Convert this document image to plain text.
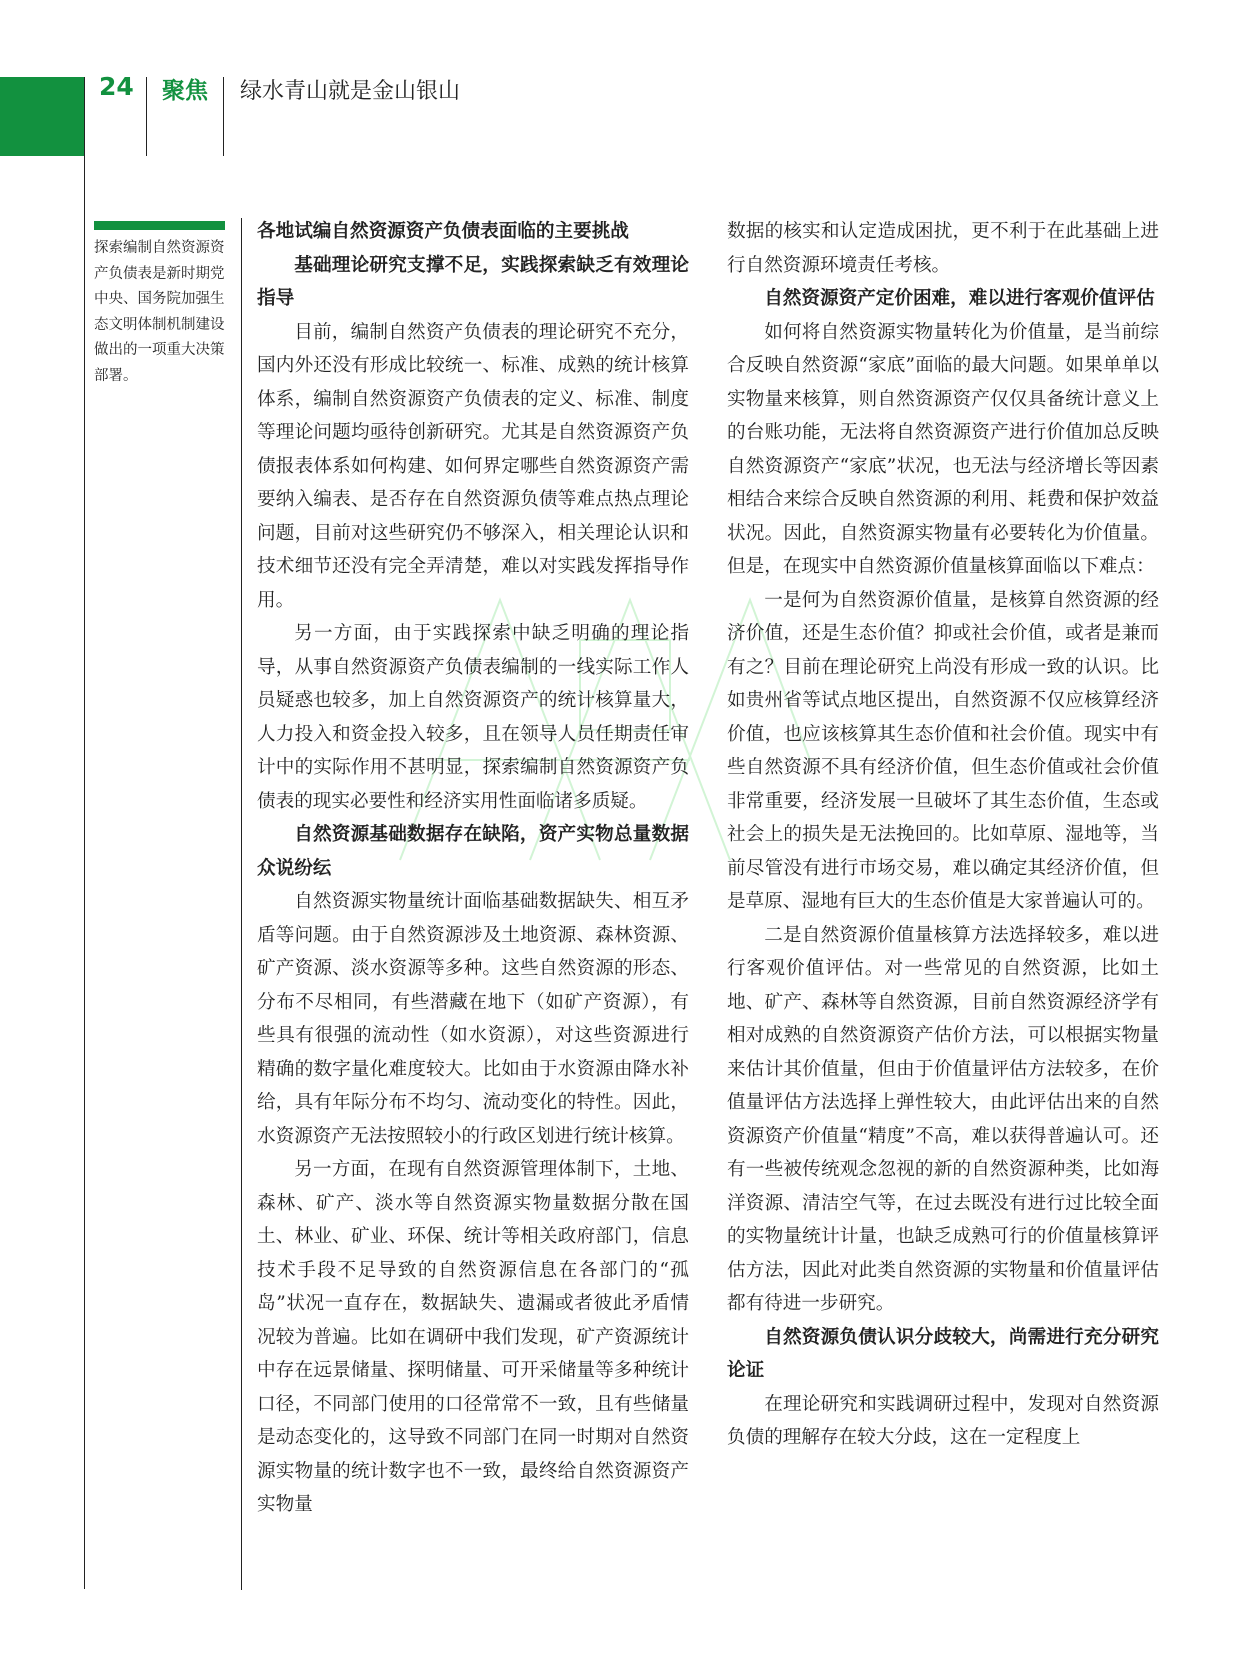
24 聚焦 绿水青山就是金山银山
探索编制自然资源资产负债表是新时期党中央、国务院加强生态文明体制机制建设做出的一项重大决策部署。

各地试编自然资源资产负债表面临的主要挑战

基础理论研究支撑不足，实践探索缺乏有效理论指导

目前，编制自然资产负债表的理论研究不充分，国内外还没有形成比较统一、标准、成熟的统计核算体系，编制自然资源资产负债表的定义、标准、制度等理论问题均亟待创新研究。尤其是自然资源资产负债报表体系如何构建、如何界定哪些自然资源资产需要纳入编表、是否存在自然资源负债等难点热点理论问题，目前对这些研究仍不够深入，相关理论认识和技术细节还没有完全弄清楚，难以对实践发挥指导作用。

另一方面，由于实践探索中缺乏明确的理论指导，从事自然资源资产负债表编制的一线实际工作人员疑惑也较多，加上自然资源资产的统计核算量大，人力投入和资金投入较多，且在领导人员任期责任审计中的实际作用不甚明显，探索编制自然资源资产负债表的现实必要性和经济实用性面临诸多质疑。

自然资源基础数据存在缺陷，资产实物总量数据众说纷纭

自然资源实物量统计面临基础数据缺失、相互矛盾等问题。由于自然资源涉及土地资源、森林资源、矿产资源、淡水资源等多种。这些自然资源的形态、分布不尽相同，有些潜藏在地下（如矿产资源），有些具有很强的流动性（如水资源），对这些资源进行精确的数字量化难度较大。比如由于水资源由降水补给，具有年际分布不均匀、流动变化的特性。因此，水资源资产无法按照较小的行政区划进行统计核算。

另一方面，在现有自然资源管理体制下，土地、森林、矿产、淡水等自然资源实物量数据分散在国土、林业、矿业、环保、统计等相关政府部门，信息技术手段不足导致的自然资源信息在各部门的“孤岛”状况一直存在，数据缺失、遗漏或者彼此矛盾情况较为普遍。比如在调研中我们发现，矿产资源统计中存在远景储量、探明储量、可开采储量等多种统计口径，不同部门使用的口径常常不一致，且有些储量是动态变化的，这导致不同部门在同一时期对自然资源实物量的统计数字也不一致，最终给自然资源资产实物量

数据的核实和认定造成困扰，更不利于在此基础上进行自然资源环境责任考核。

自然资源资产定价困难，难以进行客观价值评估

如何将自然资源实物量转化为价值量，是当前综合反映自然资源“家底”面临的最大问题。如果单单以实物量来核算，则自然资源资产仅仅具备统计意义上的台账功能，无法将自然资源资产进行价值加总反映自然资源资产“家底”状况，也无法与经济增长等因素相结合来综合反映自然资源的利用、耗费和保护效益状况。因此，自然资源实物量有必要转化为价值量。但是，在现实中自然资源价值量核算面临以下难点：

一是何为自然资源价值量，是核算自然资源的经济价值，还是生态价值？抑或社会价值，或者是兼而有之？目前在理论研究上尚没有形成一致的认识。比如贵州省等试点地区提出，自然资源不仅应核算经济价值，也应该核算其生态价值和社会价值。现实中有些自然资源不具有经济价值，但生态价值或社会价值非常重要，经济发展一旦破坏了其生态价值，生态或社会上的损失是无法挽回的。比如草原、湿地等，当前尽管没有进行市场交易，难以确定其经济价值，但是草原、湿地有巨大的生态价值是大家普遍认可的。

二是自然资源价值量核算方法选择较多，难以进行客观价值评估。对一些常见的自然资源，比如土地、矿产、森林等自然资源，目前自然资源经济学有相对成熟的自然资源资产估价方法，可以根据实物量来估计其价值量，但由于价值量评估方法较多，在价值量评估方法选择上弹性较大，由此评估出来的自然资源资产价值量“精度”不高，难以获得普遍认可。还有一些被传统观念忽视的新的自然资源种类，比如海洋资源、清洁空气等，在过去既没有进行过比较全面的实物量统计计量，也缺乏成熟可行的价值量核算评估方法，因此对此类自然资源的实物量和价值量评估都有待进一步研究。

自然资源负债认识分歧较大，尚需进行充分研究论证

在理论研究和实践调研过程中，发现对自然资源负债的理解存在较大分歧，这在一定程度上
